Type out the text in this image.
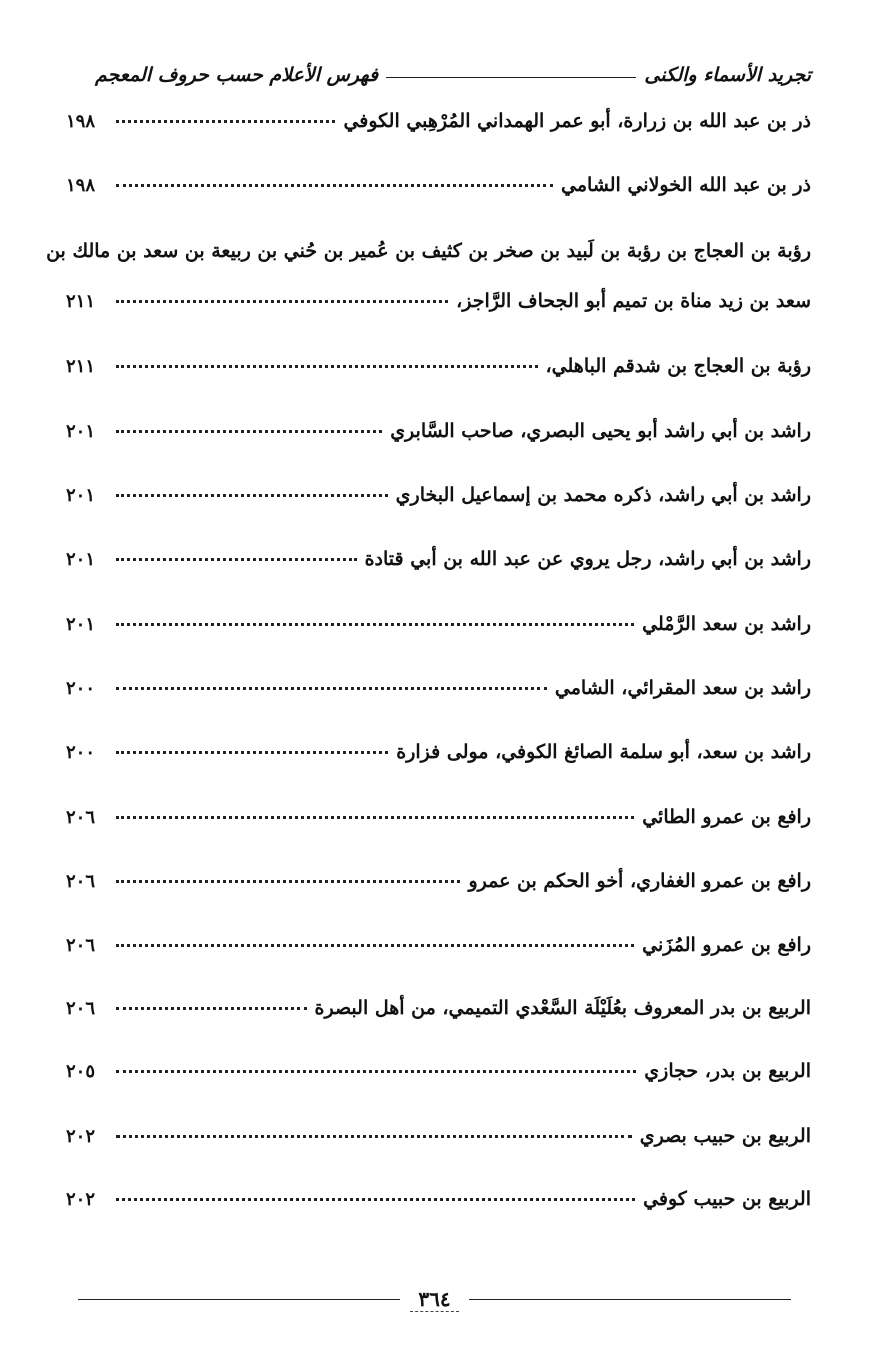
تجريد الأسماء والكنى
فهرس الأعلام حسب حروف المعجم
ذر بن عبد الله بن زرارة، أبو عمر الهمداني المُرْهِبي الكوفي
١٩٨
ذر بن عبد الله الخولاني الشامي
١٩٨
رؤبة بن العجاج بن رؤبة بن لَبيد بن صخر بن كثيف بن عُمير بن حُني بن ربيعة بن سعد بن مالك بن
سعد بن زيد مناة بن تميم أبو الجحاف الرَّاجز،
٢١١
رؤبة بن العجاج بن شدقم الباهلي،
٢١١
راشد بن أبي راشد أبو يحيى البصري، صاحب السَّابري
٢٠١
راشد بن أبي راشد، ذكره محمد بن إسماعيل البخاري
٢٠١
راشد بن أبي راشد، رجل يروي عن عبد الله بن أبي قتادة
٢٠١
راشد بن سعد الرَّمْلي
٢٠١
راشد بن سعد المقرائي، الشامي
٢٠٠
راشد بن سعد، أبو سلمة الصائغ الكوفي، مولى فزارة
٢٠٠
رافع بن عمرو الطائي
٢٠٦
رافع بن عمرو الغفاري، أخو الحكم بن عمرو
٢٠٦
رافع بن عمرو المُزَني
٢٠٦
الربيع بن بدر المعروف بعُلَيْلَة السَّعْدي التميمي، من أهل البصرة
٢٠٦
الربيع بن بدر، حجازي
٢٠٥
الربيع بن حبيب بصري
٢٠٢
الربيع بن حبيب كوفي
٢٠٢
٣٦٤
